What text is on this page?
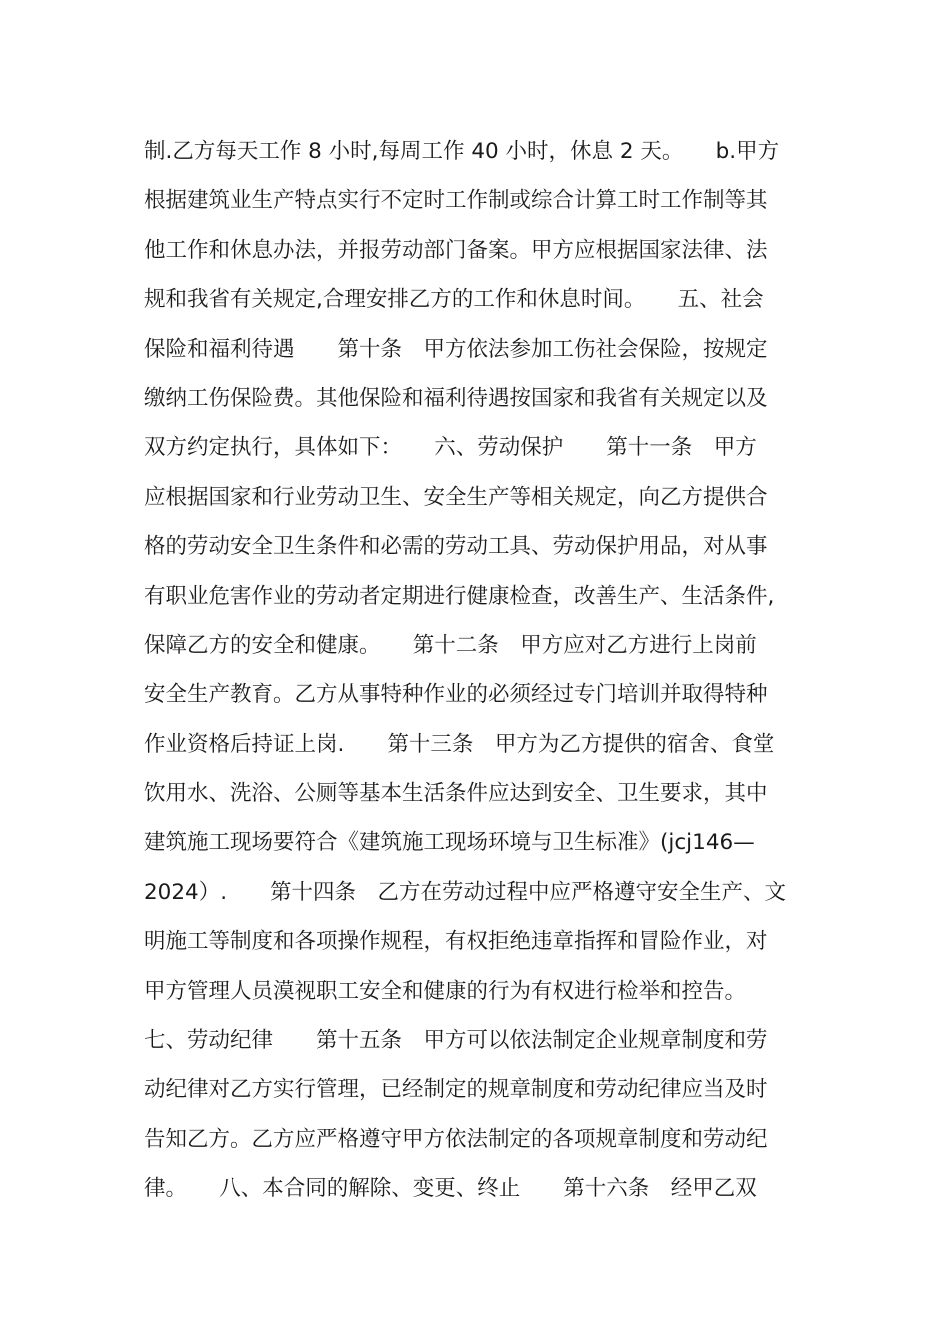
制.乙方每天工作 8 小时,每周工作 40 小时，休息 2 天。　　b.甲方
根据建筑业生产特点实行不定时工作制或综合计算工时工作制等其
他工作和休息办法，并报劳动部门备案。甲方应根据国家法律、法
规和我省有关规定,合理安排乙方的工作和休息时间。　　五、社会
保险和福利待遇　　第十条　甲方依法参加工伤社会保险，按规定
缴纳工伤保险费。其他保险和福利待遇按国家和我省有关规定以及
双方约定执行，具体如下：　　六、劳动保护　　第十一条　甲方
应根据国家和行业劳动卫生、安全生产等相关规定，向乙方提供合
格的劳动安全卫生条件和必需的劳动工具、劳动保护用品，对从事
有职业危害作业的劳动者定期进行健康检查，改善生产、生活条件,
保障乙方的安全和健康。　　第十二条　甲方应对乙方进行上岗前
安全生产教育。乙方从事特种作业的必须经过专门培训并取得特种
作业资格后持证上岗.　　第十三条　甲方为乙方提供的宿舍、食堂
饮用水、洗浴、公厕等基本生活条件应达到安全、卫生要求，其中
建筑施工现场要符合《建筑施工现场环境与卫生标准》(jcj146—
2024）.　　第十四条　乙方在劳动过程中应严格遵守安全生产、文
明施工等制度和各项操作规程，有权拒绝违章指挥和冒险作业，对
甲方管理人员漠视职工安全和健康的行为有权进行检举和控告。
七、劳动纪律　　第十五条　甲方可以依法制定企业规章制度和劳
动纪律对乙方实行管理，已经制定的规章制度和劳动纪律应当及时
告知乙方。乙方应严格遵守甲方依法制定的各项规章制度和劳动纪
律。　　八、本合同的解除、变更、终止　　第十六条　经甲乙双
